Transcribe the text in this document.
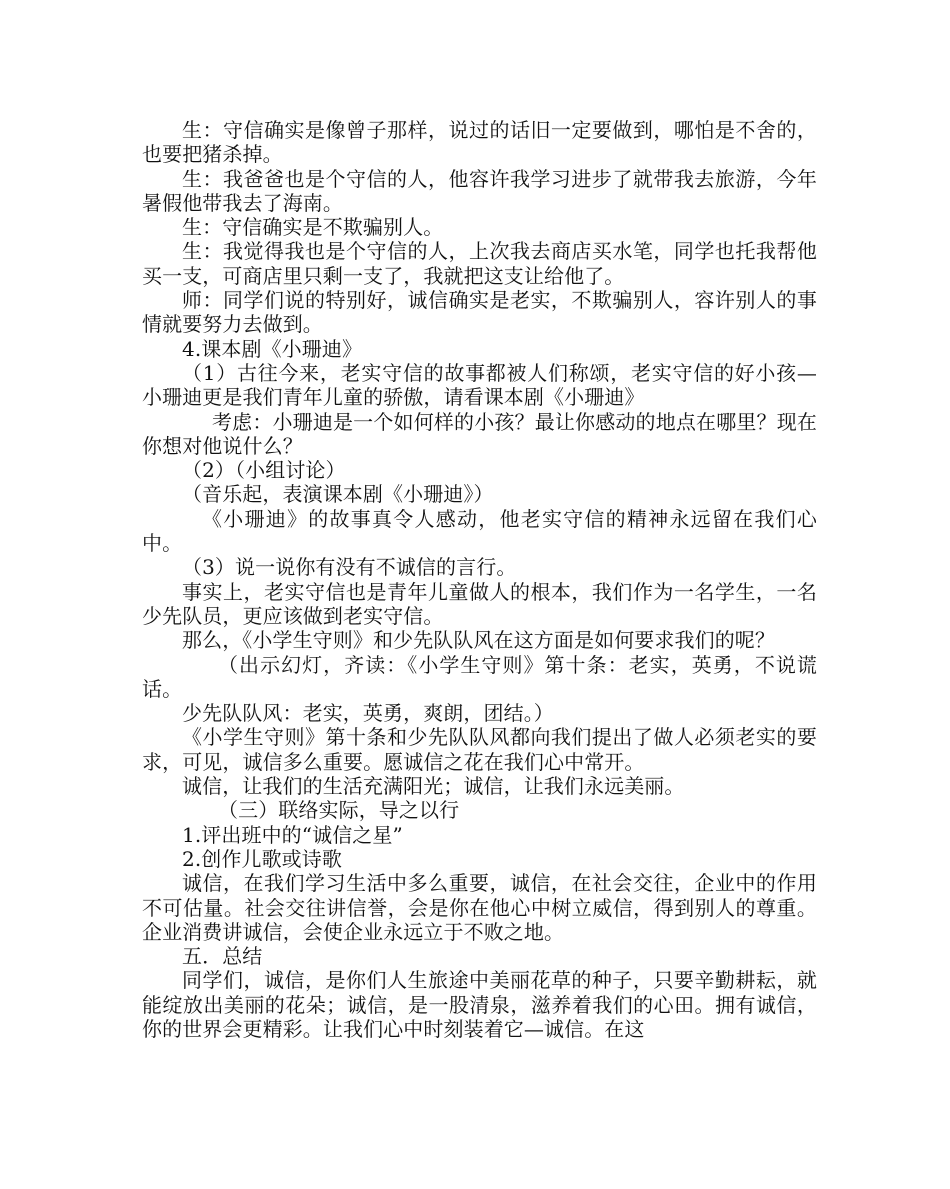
生：守信确实是像曾子那样，说过的话旧一定要做到，哪怕是不舍的，也要把猪杀掉。

生：我爸爸也是个守信的人，他容许我学习进步了就带我去旅游，今年暑假他带我去了海南。

生：守信确实是不欺骗别人。

生：我觉得我也是个守信的人，上次我去商店买水笔，同学也托我帮他买一支，可商店里只剩一支了，我就把这支让给他了。

师：同学们说的特别好，诚信确实是老实，不欺骗别人，容许别人的事情就要努力去做到。

4.课本剧《小珊迪》

（1）古往今来，老实守信的故事都被人们称颂，老实守信的好小孩—小珊迪更是我们青年儿童的骄傲，请看课本剧《小珊迪》

考虑：小珊迪是一个如何样的小孩？最让你感动的地点在哪里？现在你想对他说什么？

（2）（小组讨论）

（音乐起，表演课本剧《小珊迪》）

《小珊迪》的故事真令人感动，他老实守信的精神永远留在我们心中。

（3）说一说你有没有不诚信的言行。

事实上，老实守信也是青年儿童做人的根本，我们作为一名学生，一名少先队员，更应该做到老实守信。

那么，《小学生守则》和少先队队风在这方面是如何要求我们的呢？

（出示幻灯，齐读：《小学生守则》第十条：老实，英勇，不说谎话。

少先队队风：老实，英勇，爽朗，团结。）

《小学生守则》第十条和少先队队风都向我们提出了做人必须老实的要求，可见，诚信多么重要。愿诚信之花在我们心中常开。

诚信，让我们的生活充满阳光；诚信，让我们永远美丽。

（三）联络实际，导之以行

1.评出班中的“诚信之星”

2.创作儿歌或诗歌

诚信，在我们学习生活中多么重要，诚信，在社会交往，企业中的作用不可估量。社会交往讲信誉，会是你在他心中树立威信，得到别人的尊重。企业消费讲诚信，会使企业永远立于不败之地。

五．总结

同学们，诚信，是你们人生旅途中美丽花草的种子，只要辛勤耕耘，就能绽放出美丽的花朵；诚信，是一股清泉，滋养着我们的心田。拥有诚信，你的世界会更精彩。让我们心中时刻装着它—诚信。在这
